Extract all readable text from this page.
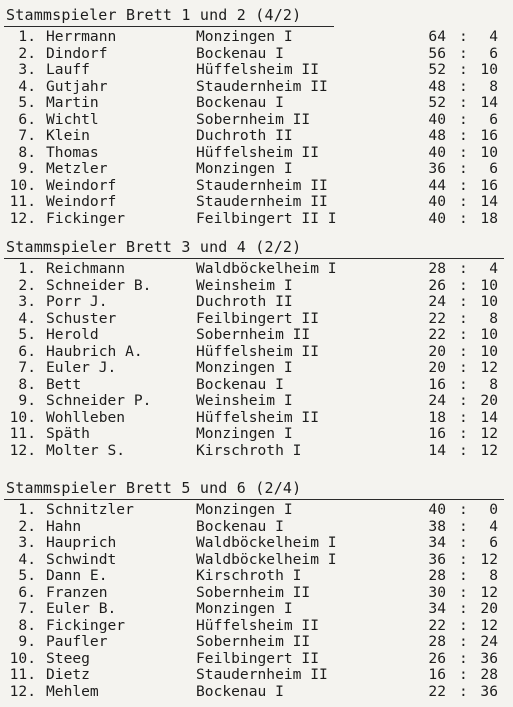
Stammspieler Brett 1 und 2 (4/2)
1. Herrmann	Monzingen I	64 :	4
2. Dindorf	Bockenau I	56 :	6
3. Lauff	Hüffelsheim II	52 : 10
4. Gutjahr	Staudernheim II	48 :	8
5. Martin	Bockenau I	52 : 14
6. Wichtl	Sobernheim II	40 :	6
7. Klein	Duchroth II	48 : 16
8. Thomas	Hüffelsheim II	40 : 10
9. Metzler	Monzingen I	36 :	6
10. Weindorf	Staudernheim II	44 : 16
11. Weindorf	Staudernheim II	40 : 14
12. Fickinger	Feilbingert II I	40 : 18
Stammspieler Brett 3 und 4 (2/2)
1. Reichmann	Waldböckelheim I	28 :	4
2. Schneider B.	Weinsheim I	26 : 10
3. Porr J.	Duchroth II	24 : 10
4. Schuster	Feilbingert II	22 :	8
5. Herold	Sobernheim II	22 : 10
6. Haubrich A.	Hüffelsheim II	20 : 10
7. Euler J.	Monzingen I	20 : 12
8. Bett	Bockenau I	16 :	8
9. Schneider P.	Weinsheim I	24 : 20
10. Wohlleben	Hüffelsheim II	18 : 14
11. Späth	Monzingen I	16 : 12
12. Molter S.	Kirschroth I	14 : 12
Stammspieler Brett 5 und 6 (2/4)
1. Schnitzler	Monzingen I	40 :	0
2. Hahn	Bockenau I	38 :	4
3. Hauprich	Waldböckelheim I	34 :	6
4. Schwindt	Waldböckelheim I	36 : 12
5. Dann E.	Kirschroth I	28 :	8
6. Franzen	Sobernheim II	30 : 12
7. Euler B.	Monzingen I	34 : 20
8. Fickinger	Hüffelsheim II	22 : 12
9. Paufler	Sobernheim II	28 : 24
10. Steeg	Feilbingert II	26 : 36
11. Dietz	Staudernheim II	16 : 28
12. Mehlem	Bockenau I	22 : 36
